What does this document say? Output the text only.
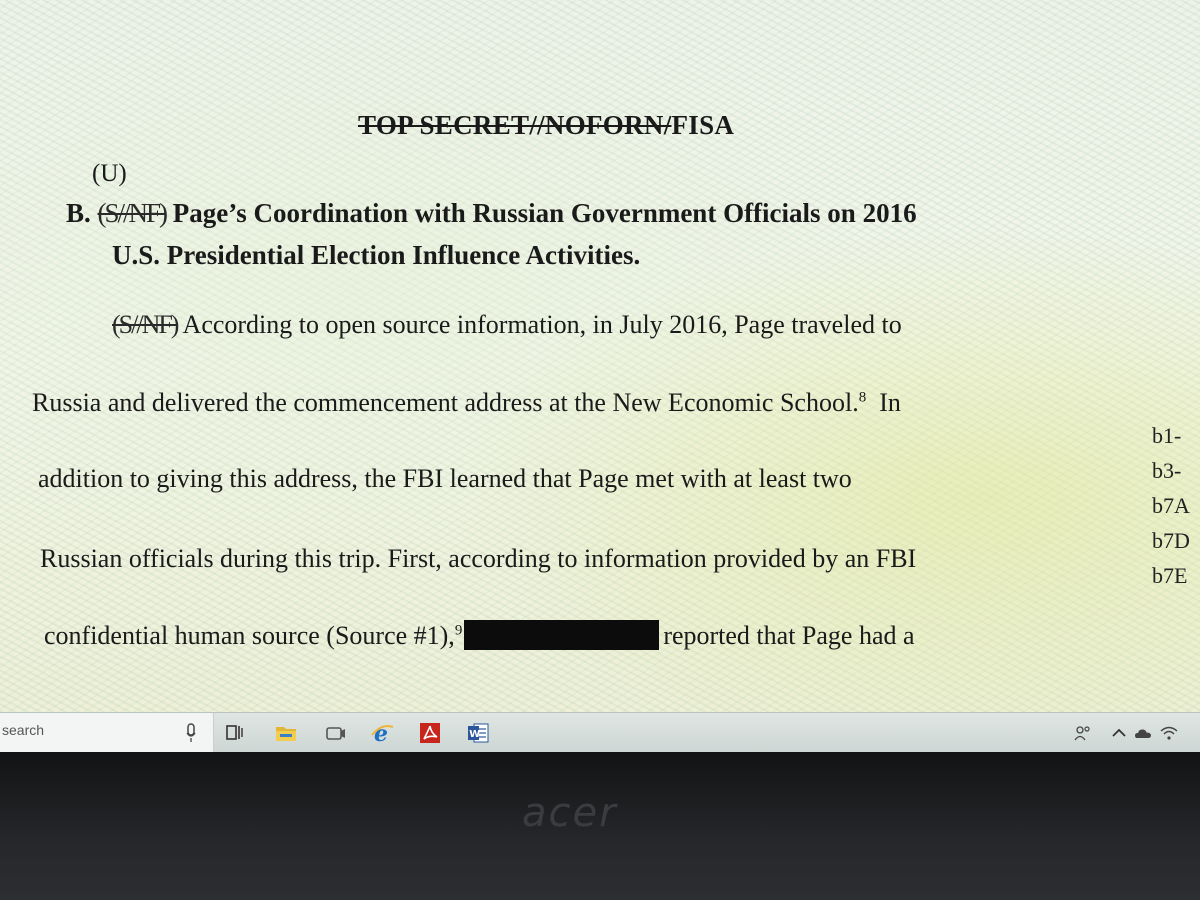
TOP SECRET//NOFORN/FISA
(U)
B. (S//NF) Page’s Coordination with Russian Government Officials on 2016
U.S. Presidential Election Influence Activities.
(S//NF) According to open source information, in July 2016, Page traveled to
Russia and delivered the commencement address at the New Economic School.$^8$ In
addition to giving this address, the FBI learned that Page met with at least two
Russian officials during this trip. First, according to information provided by an FBI
confidential human source (Source #1),$^9$	reported that Page had a
b1-
b3-
b7A
b7D
b7E
search	e	W
acer
